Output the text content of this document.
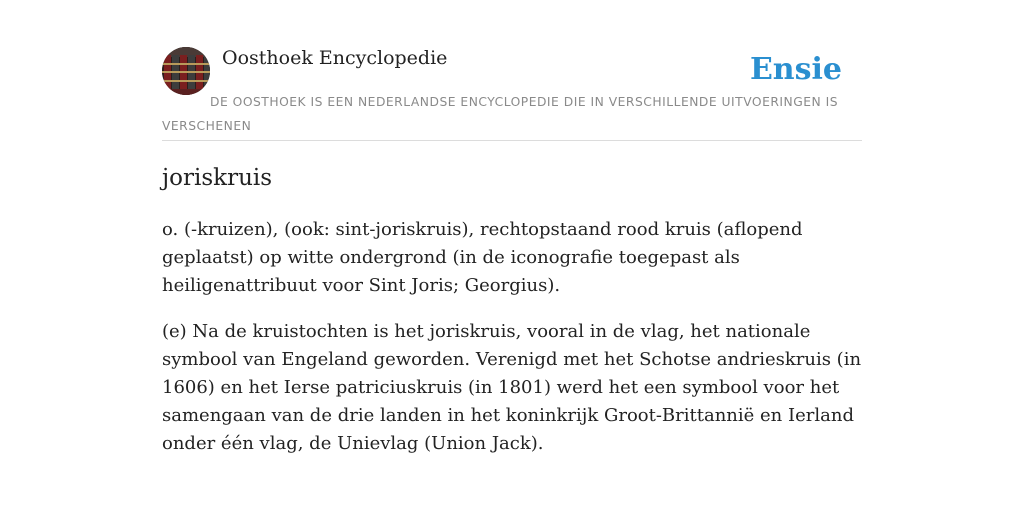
Oosthoek Encyclopedie	Ensie
DE OOSTHOEK IS EEN NEDERLANDSE ENCYCLOPEDIE DIE IN VERSCHILLENDE UITVOERINGEN IS VERSCHENEN
joriskruis

o. (-kruizen), (ook: sint-joriskruis), rechtopstaand rood kruis (aflopend geplaatst) op witte ondergrond (in de iconografie toegepast als heiligenattribuut voor Sint Joris; Georgius).

(e) Na de kruistochten is het joriskruis, vooral in de vlag, het nationale symbool van Engeland geworden. Verenigd met het Schotse andrieskruis (in 1606) en het Ierse patriciuskruis (in 1801) werd het een symbool voor het samengaan van de drie landen in het koninkrijk Groot-Brittannië en Ierland onder één vlag, de Unievlag (Union Jack).
